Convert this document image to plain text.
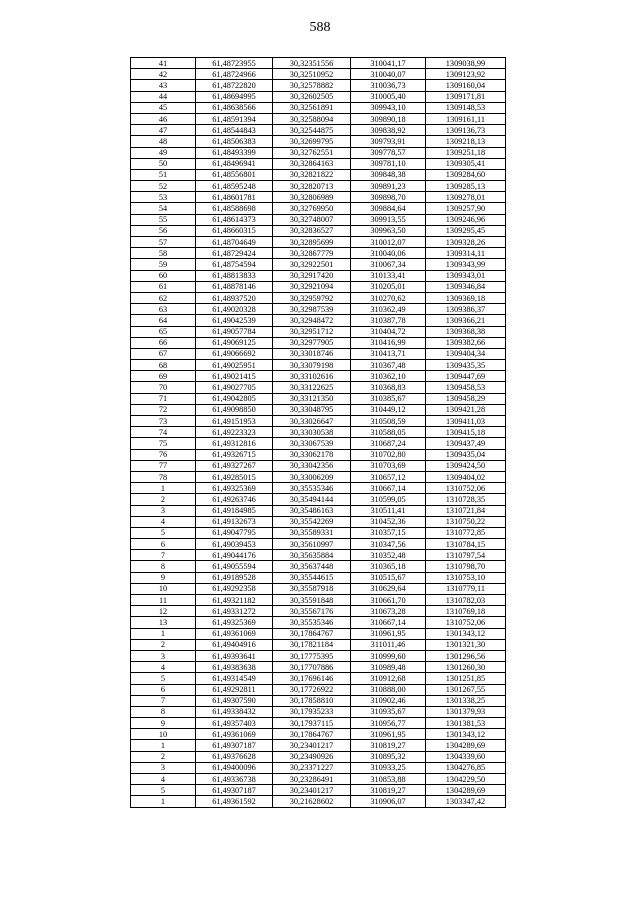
588
41	61,48723955	30,32351556	310041,17	1309038,99
42	61,48724966	30,32510952	310040,07	1309123,92
43	61,48722820	30,32578882	310036,73	1309160,04
44	61,48694995	30,32602505	310005,40	1309171,81
45	61,48638566	30,32561891	309943,10	1309148,53
46	61,48591394	30,32588094	309890,18	1309161,11
47	61,48544843	30,32544875	309838,92	1309136,73
48	61,48506383	30,32699795	309793,91	1309218,13
49	61,48493399	30,32762551	309778,57	1309251,18
50	61,48496941	30,32864163	309781,10	1309305,41
51	61,48556801	30,32821822	309848,38	1309284,60
52	61,48595248	30,32820713	309891,23	1309285,13
53	61,48601781	30,32806989	309898,70	1309278,01
54	61,48588698	30,32769950	309884,64	1309257,90
55	61,48614373	30,32748007	309913,55	1309246,96
56	61,48660315	30,32836527	309963,50	1309295,45
57	61,48704649	30,32895699	310012,07	1309328,26
58	61,48729424	30,32867779	310040,06	1309314,11
59	61,48754594	30,32922501	310067,34	1309343,99
60	61,48813833	30,32917420	310133,41	1309343,01
61	61,48878146	30,32921094	310205,01	1309346,84
62	61,48937520	30,32959792	310270,62	1309369,18
63	61,49020328	30,32987539	310362,49	1309386,37
64	61,49042539	30,32948472	310387,78	1309366,21
65	61,49057784	30,32951712	310404,72	1309368,38
66	61,49069125	30,32977905	310416,99	1309382,66
67	61,49066692	30,33018746	310413,71	1309404,34
68	61,49025951	30,33079198	310367,48	1309435,35
69	61,49021415	30,33102616	310362,10	1309447,69
70	61,49027705	30,33122625	310368,83	1309458,53
71	61,49042805	30,33121350	310385,67	1309458,29
72	61,49098850	30,33048795	310449,12	1309421,28
73	61,49151953	30,33026647	310508,59	1309411,03
74	61,49223323	30,33030538	310588,05	1309415,18
75	61,49312816	30,33067539	310687,24	1309437,49
76	61,49326715	30,33062178	310702,80	1309435,04
77	61,49327267	30,33042356	310703,69	1309424,50
78	61,49285015	30,33006209	310657,12	1309404,02
1	61,49325369	30,35535346	310667,14	1310752,06
2	61,49263746	30,35494144	310599,05	1310728,35
3	61,49184985	30,35486163	310511,41	1310721,84
4	61,49132673	30,35542269	310452,36	1310750,22
5	61,49047795	30,35589331	310357,15	1310772,85
6	61,49039453	30,35610997	310347,56	1310784,15
7	61,49044176	30,35635884	310352,48	1310797,54
8	61,49055594	30,35637448	310365,18	1310798,70
9	61,49189528	30,35544615	310515,67	1310753,10
10	61,49292358	30,35587918	310629,64	1310779,11
11	61,49321182	30,35591848	310661,70	1310782,03
12	61,49331272	30,35567176	310673,28	1310769,18
13	61,49325369	30,35535346	310667,14	1310752,06
1	61,49361069	30,17864767	310961,95	1301343,12
2	61,49404916	30,17821184	311011,46	1301321,30
3	61,49393641	30,17775395	310999,60	1301296,56
4	61,49383638	30,17707886	310989,48	1301260,30
5	61,49314549	30,17696146	310912,68	1301251,85
6	61,49292811	30,17726922	310888,00	1301267,55
7	61,49307590	30,17858810	310902,46	1301338,25
8	61,49338432	30,17935233	310935,67	1301379,93
9	61,49357403	30,17937115	310956,77	1301381,53
10	61,49361069	30,17864767	310961,95	1301343,12
1	61,49307187	30,23401217	310819,27	1304289,69
2	61,49376628	30,23490926	310895,32	1304339,60
3	61,49400096	30,23371227	310933,25	1304276,85
4	61,49336738	30,23286491	310853,88	1304229,50
5	61,49307187	30,23401217	310819,27	1304289,69
1	61,49361592	30,21628602	310906,07	1303347,42
